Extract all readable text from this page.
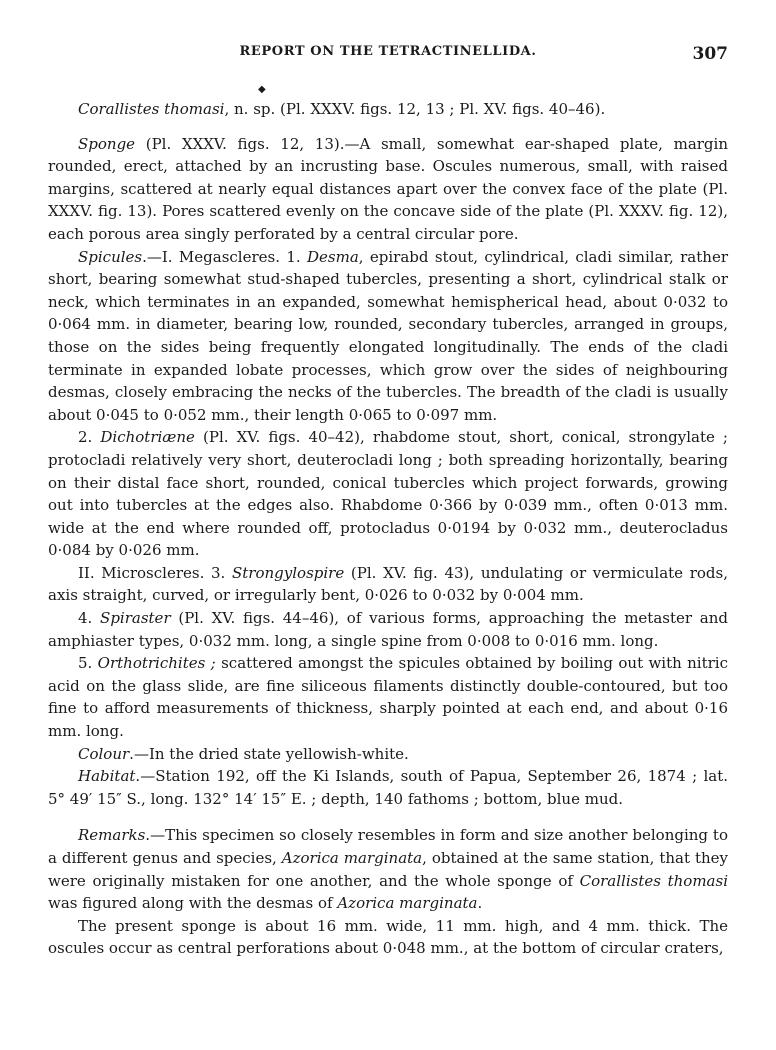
REPORT ON THE TETRACTINELLIDA.	307
◆

Corallistes thomasi, n. sp. (Pl. XXXV. figs. 12, 13 ; Pl. XV. figs. 40–46).

Sponge (Pl. XXXV. figs. 12, 13).—A small, somewhat ear-shaped plate, margin rounded, erect, attached by an incrusting base. Oscules numerous, small, with raised margins, scattered at nearly equal distances apart over the convex face of the plate (Pl. XXXV. fig. 13). Pores scattered evenly on the concave side of the plate (Pl. XXXV. fig. 12), each porous area singly perforated by a central circular pore.

Spicules.—I. Megascleres. 1. Desma, epirabd stout, cylindrical, cladi similar, rather short, bearing somewhat stud-shaped tubercles, presenting a short, cylindrical stalk or neck, which terminates in an expanded, somewhat hemispherical head, about 0·032 to 0·064 mm. in diameter, bearing low, rounded, secondary tubercles, arranged in groups, those on the sides being frequently elongated longitudinally. The ends of the cladi terminate in expanded lobate processes, which grow over the sides of neighbouring desmas, closely embracing the necks of the tubercles. The breadth of the cladi is usually about 0·045 to 0·052 mm., their length 0·065 to 0·097 mm.

2. Dichotriæne (Pl. XV. figs. 40–42), rhabdome stout, short, conical, strongylate ; protocladi relatively very short, deuterocladi long ; both spreading horizontally, bearing on their distal face short, rounded, conical tubercles which project forwards, growing out into tubercles at the edges also. Rhabdome 0·366 by 0·039 mm., often 0·013 mm. wide at the end where rounded off, protocladus 0·0194 by 0·032 mm., deuterocladus 0·084 by 0·026 mm.

II. Microscleres. 3. Strongylospire (Pl. XV. fig. 43), undulating or vermiculate rods, axis straight, curved, or irregularly bent, 0·026 to 0·032 by 0·004 mm.

4. Spiraster (Pl. XV. figs. 44–46), of various forms, approaching the metaster and amphiaster types, 0·032 mm. long, a single spine from 0·008 to 0·016 mm. long.

5. Orthotrichites ; scattered amongst the spicules obtained by boiling out with nitric acid on the glass slide, are fine siliceous filaments distinctly double-contoured, but too fine to afford measurements of thickness, sharply pointed at each end, and about 0·16 mm. long.

Colour.—In the dried state yellowish-white.

Habitat.—Station 192, off the Ki Islands, south of Papua, September 26, 1874 ; lat. 5° 49′ 15″ S., long. 132° 14′ 15″ E. ; depth, 140 fathoms ; bottom, blue mud.

Remarks.—This specimen so closely resembles in form and size another belonging to a different genus and species, Azorica marginata, obtained at the same station, that they were originally mistaken for one another, and the whole sponge of Corallistes thomasi was figured along with the desmas of Azorica marginata.

The present sponge is about 16 mm. wide, 11 mm. high, and 4 mm. thick. The oscules occur as central perforations about 0·048 mm., at the bottom of circular craters,
